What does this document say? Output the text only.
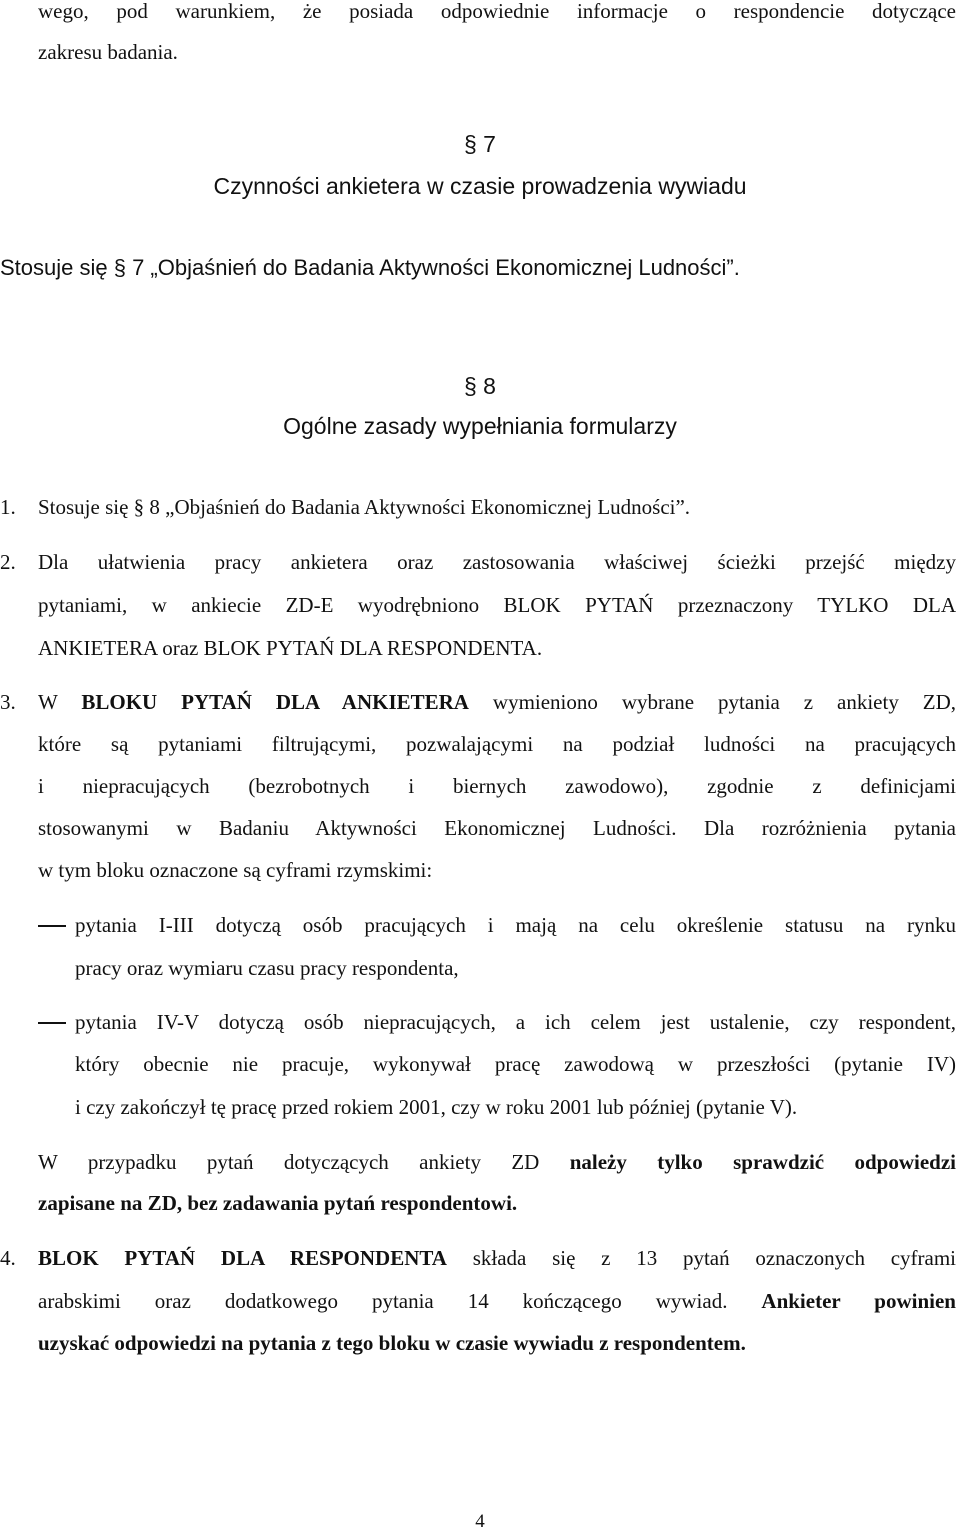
wego, pod warunkiem, że posiada odpowiednie informacje o respondencie dotyczące
zakresu badania.
§ 7
Czynności ankietera w czasie prowadzenia wywiadu
Stosuje się § 7 „Objaśnień do Badania Aktywności Ekonomicznej Ludności”.
§ 8
Ogólne zasady wypełniania formularzy
1. Stosuje się § 8 „Objaśnień do Badania Aktywności Ekonomicznej Ludności”.
2. Dla ułatwienia pracy ankietera oraz zastosowania właściwej ścieżki przejść między
pytaniami, w ankiecie ZD-E wyodrębniono BLOK PYTAŃ przeznaczony TYLKO DLA
ANKIETERA oraz BLOK PYTAŃ DLA RESPONDENTA.
3. W BLOKU PYTAŃ DLA ANKIETERA wymieniono wybrane pytania z ankiety ZD,
które są pytaniami filtrującymi, pozwalającymi na podział ludności na pracujących
i niepracujących (bezrobotnych i biernych zawodowo), zgodnie z definicjami
stosowanymi w Badaniu Aktywności Ekonomicznej Ludności. Dla rozróżnienia pytania
w tym bloku oznaczone są cyframi rzymskimi:
pytania I-III dotyczą osób pracujących i mają na celu określenie statusu na rynku
pracy oraz wymiaru czasu pracy respondenta,
pytania IV-V dotyczą osób niepracujących, a ich celem jest ustalenie, czy respondent,
który obecnie nie pracuje, wykonywał pracę zawodową w przeszłości (pytanie IV)
i czy zakończył tę pracę przed rokiem 2001, czy w roku 2001 lub później (pytanie V).
W przypadku pytań dotyczących ankiety ZD należy tylko sprawdzić odpowiedzi
zapisane na ZD, bez zadawania pytań respondentowi.
4. BLOK PYTAŃ DLA RESPONDENTA składa się z 13 pytań oznaczonych cyframi
arabskimi oraz dodatkowego pytania 14 kończącego wywiad. Ankieter powinien
uzyskać odpowiedzi na pytania z tego bloku w czasie wywiadu z respondentem.
4
